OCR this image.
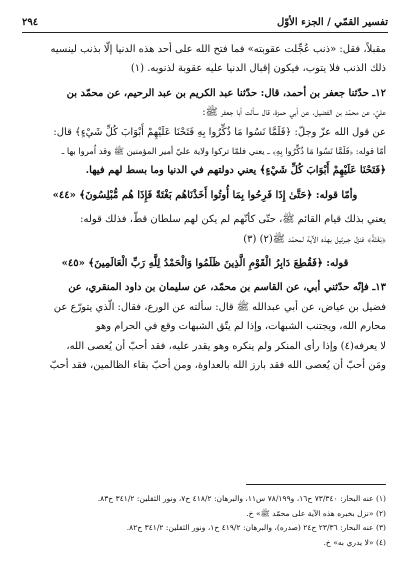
٢٩٤	تفسير القمّي / الجزء الأوّل

مقبلاً، فقل: «ذنب عُجِّلت عقوبته» فما فتح الله على أحد هذه الدنيا إلّا بذنب لينسيه

ذلك الذنب فلا يتوب، فيكون إقبال الدنيا عليه عقوبة لذنوبه. (١)

١٢ـ حدّثنا جعفر بن أحمد، قال: حدّثنا عبد الكريم بن عبد الرحيم، عن محمّد بن

عليّ، عن محمّد بن الفضيل، عن أبي حمزة، قال سألت أبا جعفر ﷺ:

عن قول الله عزّ وجلّ: ﴿فَلَمَّا نَسُوا مَا ذُكِّرُوا بِهِ فَتَحْنَا عَلَيْهِمْ أَبْوَابَ كُلِّ شَيْءٍ﴾ قال:

أمّا قوله: ﴿فَلَمَّا نَسُوا مَا ذُكِّرُوا بِهِ﴾ ـ يعني فلمّا تركوا ولاية عليّ أمير المؤمنين ﷺ وقد اُمروا بها ـ

﴿فَتَحْنَا عَلَيْهِمْ أَبْوَابَ كُلِّ شَيْءٍ﴾ يعني دولتهم في الدنيا وما بسط لهم فيها.

وأمّا قوله: ﴿حَتَّىٰ إِذَا فَرِحُوا بِمَا أُوتُوا أَخَذْنَاهُم بَغْتَةً فَإِذَا هُم مُّبْلِسُونَ﴾ «٤٤»

يعني بذلك قيام القائم ﷺ، حتّى كأنّهم لم يكن لهم سلطان قطّ، فذلك قوله:

﴿بَغْتَةً﴾ فنزل جبرئيل بهذه الآية لمحمّد ﷺ(٢) (٣)

قوله: ﴿فَقُطِعَ دَابِرُ الْقَوْمِ الَّذِينَ ظَلَمُوا وَالْحَمْدُ لِلَّهِ رَبِّ الْعَالَمِينَ﴾ «٤٥»

١٣ـ فإنّه حدّثني أبي، عن القاسم بن محمّد، عن سليمان بن داود المنقري، عن

فضيل بن عياض، عن أبي عبدالله ﷺ قال: سألته عن الورع، فقال: الّذي يتورّع عن

محارم الله، ويجتنب الشبهات، وإذا لم يتّق الشبهات وقع في الحرام وهو

لا يعرفه(٤) وإذا رأى المنكر ولم ينكره وهو يقدر عليه، فقد أحبّ أن يُعصى الله،

ومَن أحبّ أن يُعصى الله فقد بارز الله بالعداوة، ومن أحبّ بقاء الظالمين، فقد أحبّ

(١) عنه البحار: ٧٣/٣٤٠ ح١٦، و٧٨/١٩٩ س١١، والبرهان: ٤١٨/٢ ح٧، ونور الثقلين: ٣٤١/٢ ح٨٣.

(٢) «نزل بخبره هذه الآية على محمّد ﷺ» خ.

(٣) عنه البحار: ٢٣/٣٦ ح٢٤ (صدره)، والبرهان: ٤١٩/٢ ح١، ونور الثقلين: ٣٤١/٢ ح٨٢.

(٤) «لا يدري به» خ.
